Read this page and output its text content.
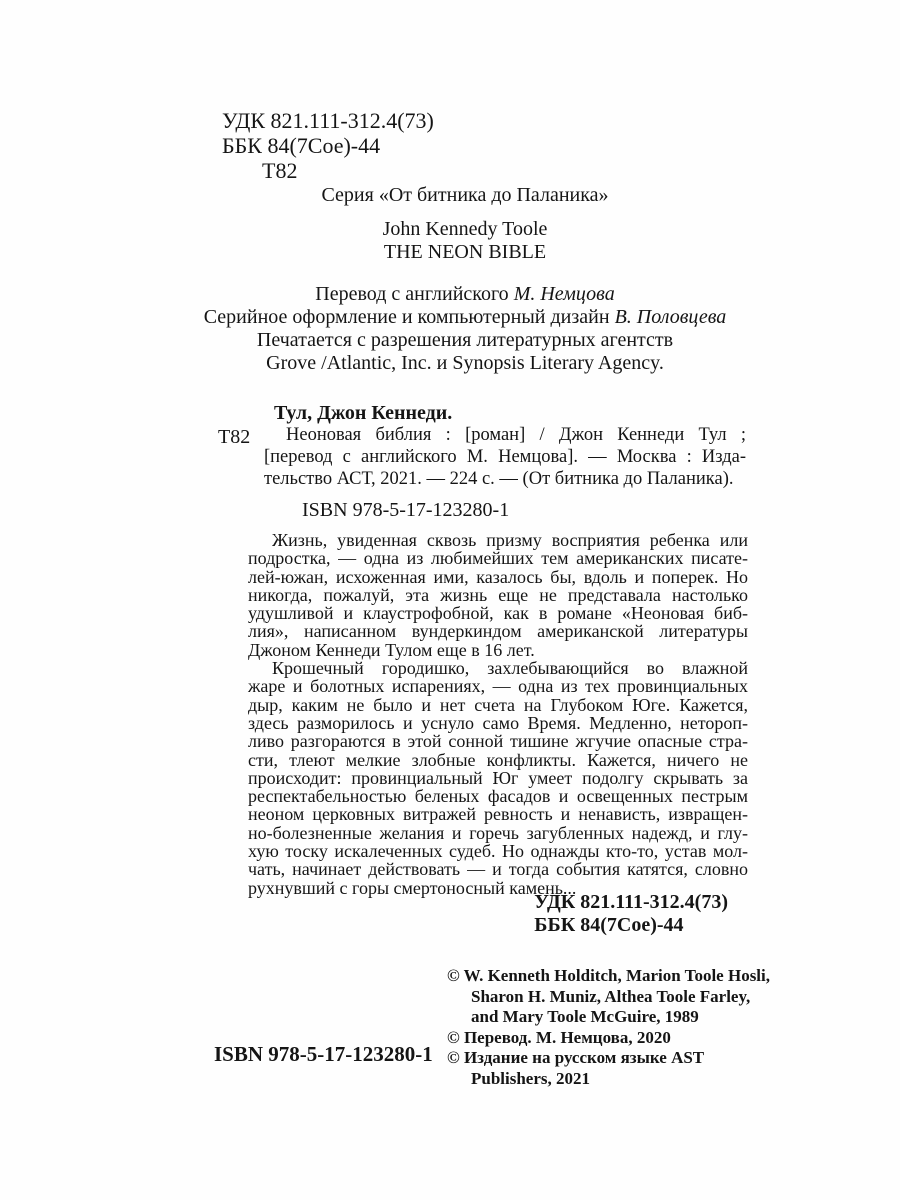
УДК 821.111-312.4(73)
ББК 84(7Сое)-44
Т82
Серия «От битника до Паланика»
John Kennedy Toole
THE NEON BIBLE
Перевод с английского М. Немцова
Серийное оформление и компьютерный дизайн В. Половцева
Печатается с разрешения литературных агентств
Grove /Atlantic, Inc. и Synopsis Literary Agency.
Тул, Джон Кеннеди.
Т82	Неоновая библия : [роман] / Джон Кеннеди Тул ;
[перевод с английского М. Немцова]. — Москва : Изда-
тельство АСТ, 2021. — 224 с. — (От битника до Паланика).
ISBN 978-5-17-123280-1
Жизнь, увиденная сквозь призму восприятия ребенка или
подростка, — одна из любимейших тем американских писате-
лей-южан, исхоженная ими, казалось бы, вдоль и поперек. Но
никогда, пожалуй, эта жизнь еще не представала настолько
удушливой и клаустрофобной, как в романе «Неоновая биб-
лия», написанном вундеркиндом американской литературы
Джоном Кеннеди Тулом еще в 16 лет.
Крошечный городишко, захлебывающийся во влажной
жаре и болотных испарениях, — одна из тех провинциальных
дыр, каким не было и нет счета на Глубоком Юге. Кажется,
здесь разморилось и уснуло само Время. Медленно, нетороп-
ливо разгораются в этой сонной тишине жгучие опасные стра-
сти, тлеют мелкие злобные конфликты. Кажется, ничего не
происходит: провинциальный Юг умеет подолгу скрывать за
респектабельностью беленых фасадов и освещенных пестрым
неоном церковных витражей ревность и ненависть, извращен-
но-болезненные желания и горечь загубленных надежд, и глу-
хую тоску искалеченных судеб. Но однажды кто-то, устав мол-
чать, начинает действовать — и тогда события катятся, словно
рухнувший с горы смертоносный камень...
УДК 821.111-312.4(73)
ББК 84(7Сое)-44
© W. Kenneth Holditch, Marion Toole Hosli,
Sharon H. Muniz, Althea Toole Farley,
and Mary Toole McGuire, 1989
© Перевод. М. Немцова, 2020
© Издание на русском языке AST
Publishers, 2021
ISBN 978-5-17-123280-1
